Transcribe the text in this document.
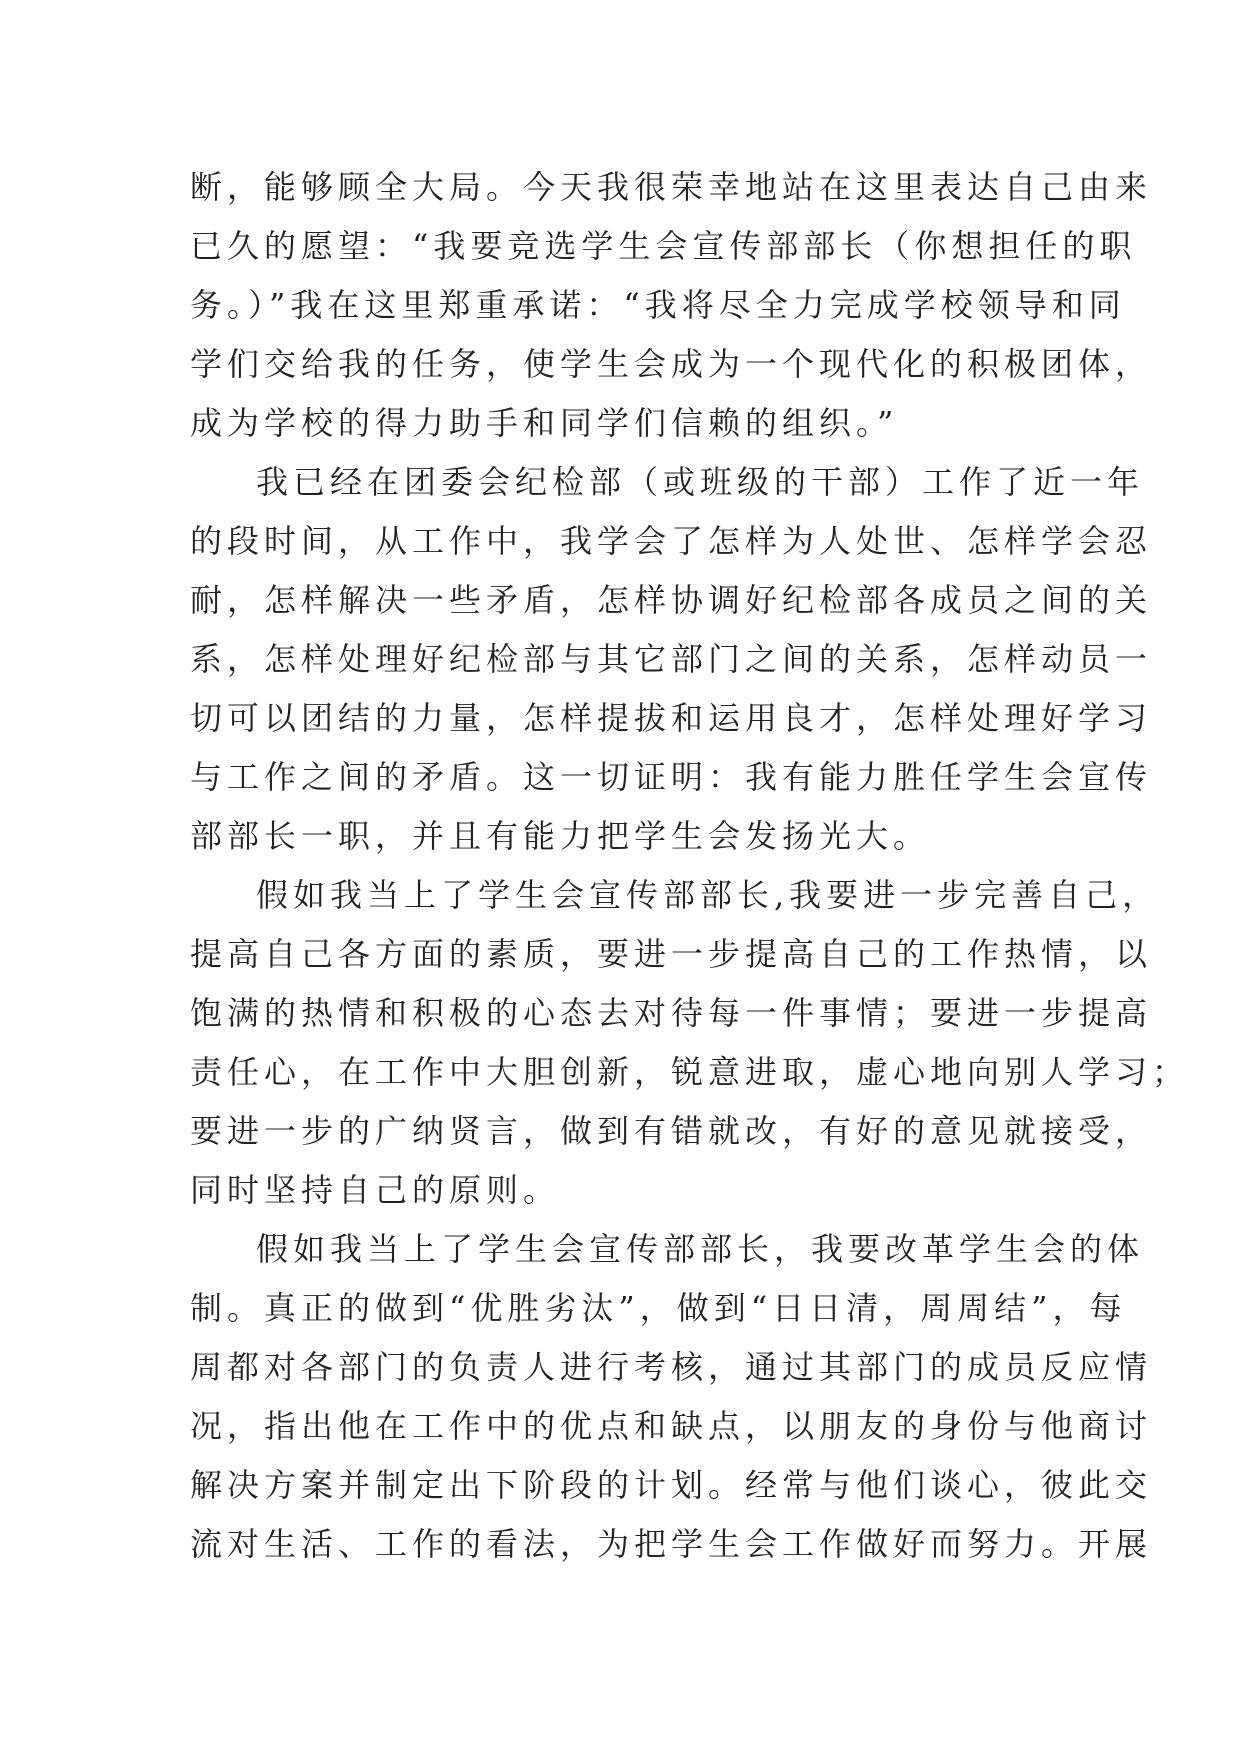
断，能够顾全大局。今天我很荣幸地站在这里表达自己由来
已久的愿望：“我要竞选学生会宣传部部长（你想担任的职
务。）”我在这里郑重承诺：“我将尽全力完成学校领导和同
学们交给我的任务，使学生会成为一个现代化的积极团体，
成为学校的得力助手和同学们信赖的组织。”
我已经在团委会纪检部（或班级的干部）工作了近一年
的段时间，从工作中，我学会了怎样为人处世、怎样学会忍
耐，怎样解决一些矛盾，怎样协调好纪检部各成员之间的关
系，怎样处理好纪检部与其它部门之间的关系，怎样动员一
切可以团结的力量，怎样提拔和运用良才，怎样处理好学习
与工作之间的矛盾。这一切证明：我有能力胜任学生会宣传
部部长一职，并且有能力把学生会发扬光大。
假如我当上了学生会宣传部部长,我要进一步完善自己，
提高自己各方面的素质，要进一步提高自己的工作热情，以
饱满的热情和积极的心态去对待每一件事情；要进一步提高
责任心，在工作中大胆创新，锐意进取，虚心地向别人学习；
要进一步的广纳贤言，做到有错就改，有好的意见就接受，
同时坚持自己的原则。
假如我当上了学生会宣传部部长，我要改革学生会的体
制。真正的做到“优胜劣汰”，做到“日日清，周周结”，每
周都对各部门的负责人进行考核，通过其部门的成员反应情
况，指出他在工作中的优点和缺点，以朋友的身份与他商讨
解决方案并制定出下阶段的计划。经常与他们谈心，彼此交
流对生活、工作的看法，为把学生会工作做好而努力。开展
